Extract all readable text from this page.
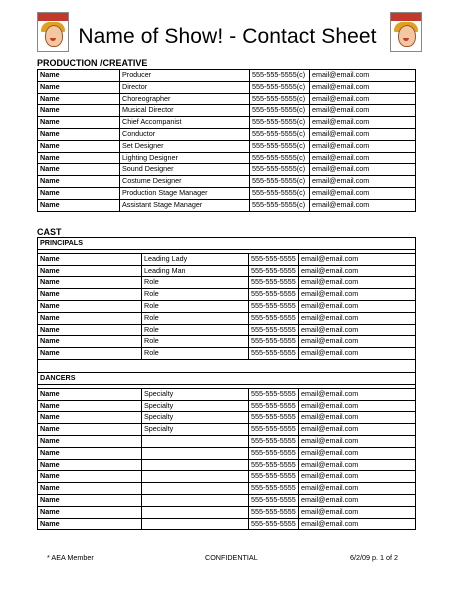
Name of Show! - Contact Sheet
PRODUCTION /CREATIVE
Name	Producer	555-555-5555(c)	email@email.com
Name	Director	555-555-5555(c)	email@email.com
Name	Choreographer	555-555-5555(c)	email@email.com
Name	Musical Director	555-555-5555(c)	email@email.com
Name	Chief Accompanist	555-555-5555(c)	email@email.com
Name	Conductor	555-555-5555(c)	email@email.com
Name	Set Designer	555-555-5555(c)	email@email.com
Name	Lighting Designer	555-555-5555(c)	email@email.com
Name	Sound Designer	555-555-5555(c)	email@email.com
Name	Costume Designer	555-555-5555(c)	email@email.com
Name	Production Stage Manager	555-555-5555(c)	email@email.com
Name	Assistant Stage Manager	555-555-5555(c)	email@email.com
CAST
PRINCIPALS			

Name	Leading Lady	555-555-5555	email@email.com
Name	Leading Man	555-555-5555	email@email.com
Name	Role	555-555-5555	email@email.com
Name	Role	555-555-5555	email@email.com
Name	Role	555-555-5555	email@email.com
Name	Role	555-555-5555	email@email.com
Name	Role	555-555-5555	email@email.com
Name	Role	555-555-5555	email@email.com
Name	Role	555-555-5555	email@email.com

DANCERS			

Name	Specialty	555-555-5555	email@email.com
Name	Specialty	555-555-5555	email@email.com
Name	Specialty	555-555-5555	email@email.com
Name	Specialty	555-555-5555	email@email.com
Name		555-555-5555	email@email.com
Name		555-555-5555	email@email.com
Name		555-555-5555	email@email.com
Name		555-555-5555	email@email.com
Name		555-555-5555	email@email.com
Name		555-555-5555	email@email.com
Name		555-555-5555	email@email.com
Name		555-555-5555	email@email.com
* AEA Member	CONFIDENTIAL	6/2/09 p. 1 of 2
